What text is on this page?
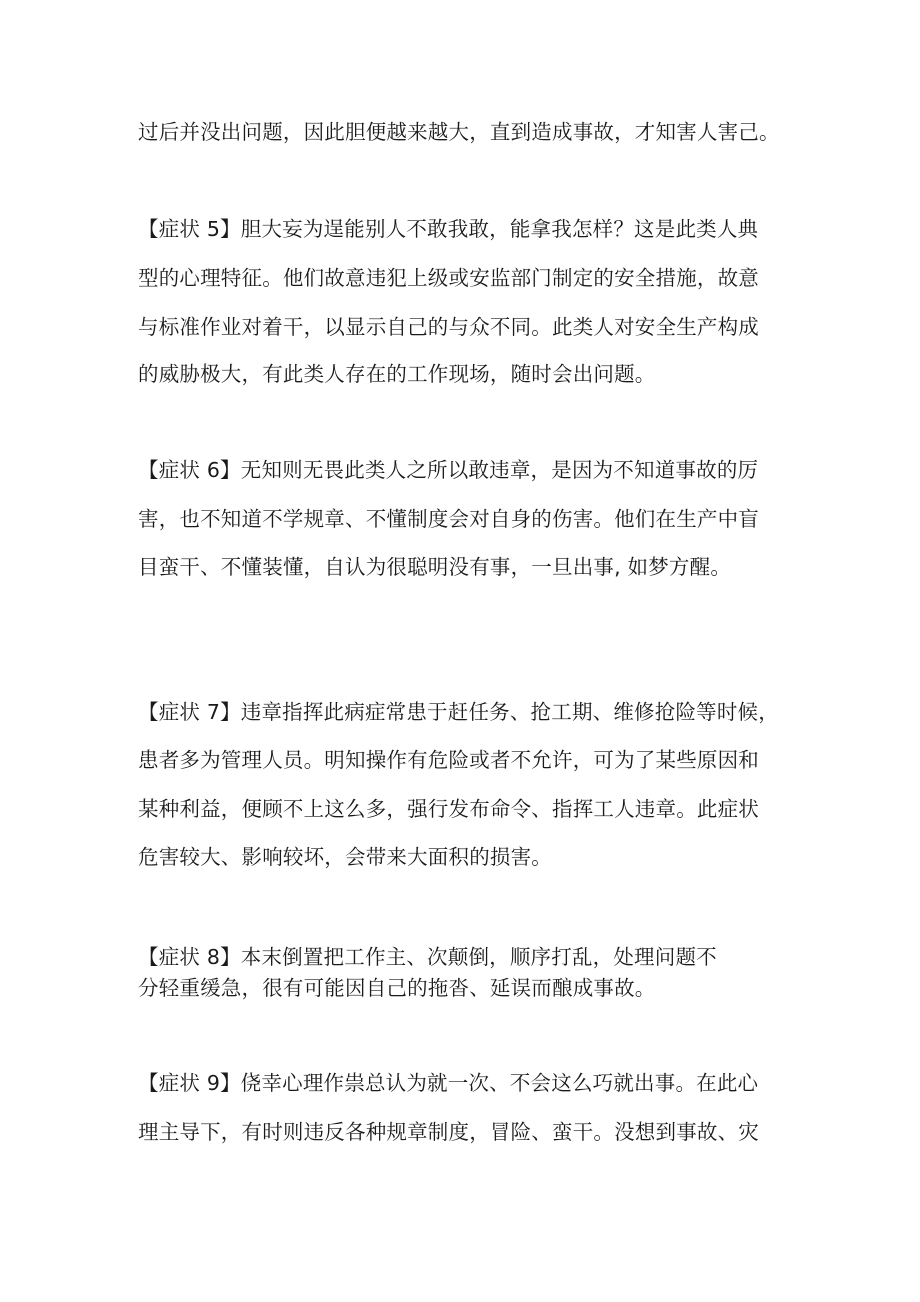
过后并没出问题，因此胆便越来越大，直到造成事故，才知害人害己。
【症状 5】胆大妄为逞能别人不敢我敢，能拿我怎样？这是此类人典
型的心理特征。他们故意违犯上级或安监部门制定的安全措施，故意
与标准作业对着干，以显示自己的与众不同。此类人对安全生产构成
的威胁极大，有此类人存在的工作现场，随时会出问题。
【症状 6】无知则无畏此类人之所以敢违章，是因为不知道事故的厉
害，也不知道不学规章、不懂制度会对自身的伤害。他们在生产中盲
目蛮干、不懂装懂，自认为很聪明没有事，一旦出事, 如梦方醒。
【症状 7】违章指挥此病症常患于赶任务、抢工期、维修抢险等时候，
患者多为管理人员。明知操作有危险或者不允许，可为了某些原因和
某种利益，便顾不上这么多，强行发布命令、指挥工人违章。此症状
危害较大、影响较坏，会带来大面积的损害。
【症状 8】本末倒置把工作主、次颠倒，顺序打乱，处理问题不
分轻重缓急，很有可能因自己的拖沓、延误而酿成事故。
【症状 9】侥幸心理作祟总认为就一次、不会这么巧就出事。在此心
理主导下，有时则违反各种规章制度，冒险、蛮干。没想到事故、灾
